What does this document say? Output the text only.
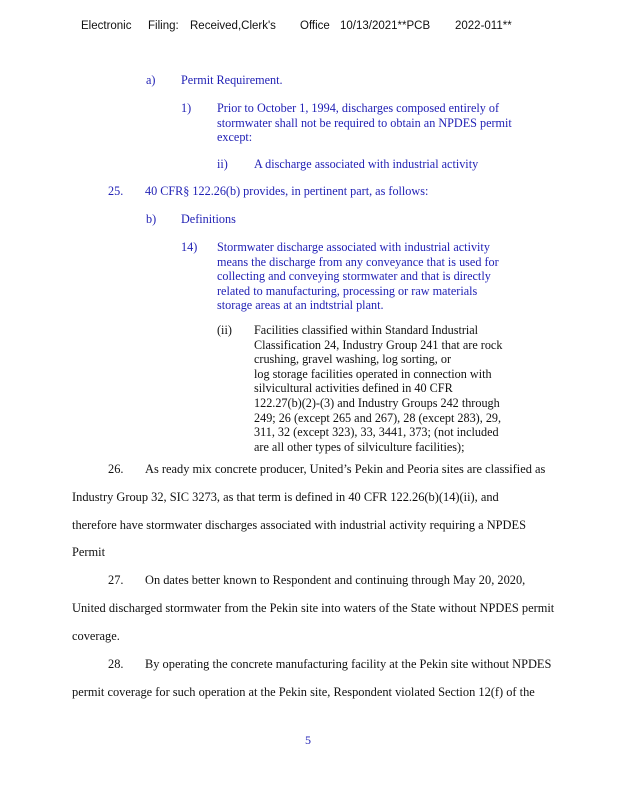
Electronic Filing: Received,Clerk's Office 10/13/2021**PCB 2022-011**
a) Permit Requirement.
1) Prior to October 1, 1994, discharges composed entirely of
stormwater shall not be required to obtain an NPDES permit
except:
ii) A discharge associated with industrial activity
25. 40 CFR§ 122.26(b) provides, in pertinent part, as follows:
b) Definitions
14) Stormwater discharge associated with industrial activity
means the discharge from any conveyance that is used for
collecting and conveying stormwater and that is directly
related to manufacturing, processing or raw materials
storage areas at an indtstrial plant.
(ii) Facilities classified within Standard Industrial
Classification 24, Industry Group 241 that are rock
crushing, gravel washing, log sorting, or
log storage facilities operated in connection with
silvicultural activities defined in 40 CFR
122.27(b)(2)-(3) and Industry Groups 242 through
249; 26 (except 265 and 267), 28 (except 283), 29,
311, 32 (except 323), 33, 3441, 373; (not included
are all other types of silviculture facilities);
26. As ready mix concrete producer, United’s Pekin and Peoria sites are classified as
Industry Group 32, SIC 3273, as that term is defined in 40 CFR 122.26(b)(14)(ii), and
therefore have stormwater discharges associated with industrial activity requiring a NPDES
Permit
27. On dates better known to Respondent and continuing through May 20, 2020,
United discharged stormwater from the Pekin site into waters of the State without NPDES permit
coverage.
28. By operating the concrete manufacturing facility at the Pekin site without NPDES
permit coverage for such operation at the Pekin site, Respondent violated Section 12(f) of the
5
